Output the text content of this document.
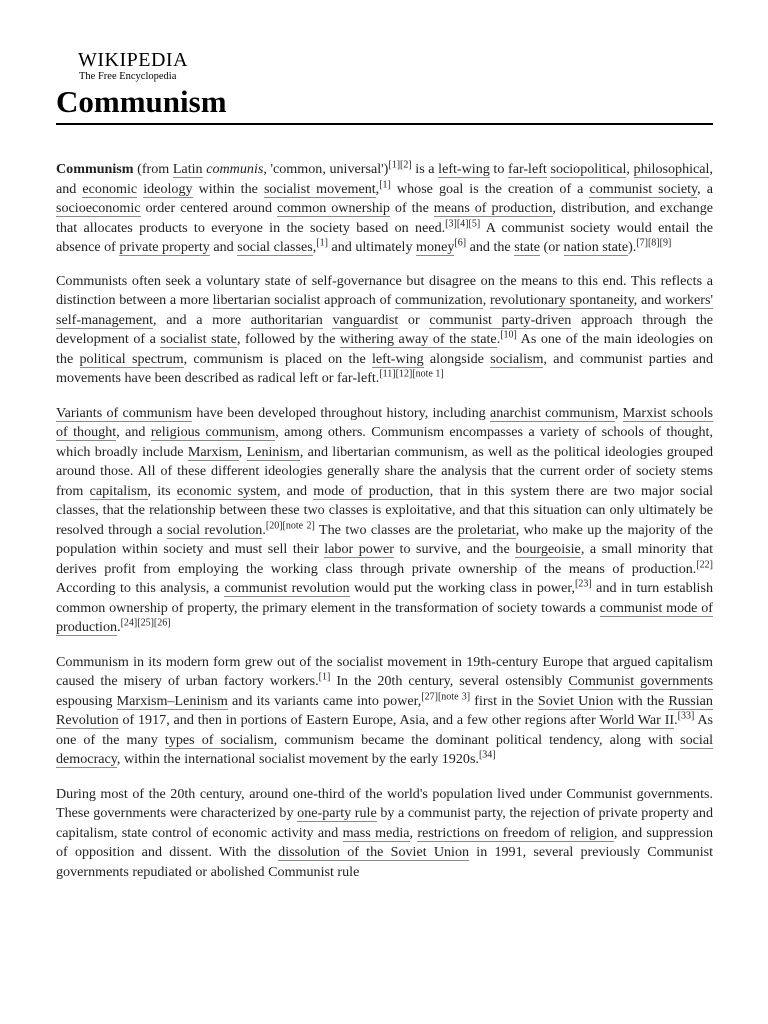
WIKIPEDIA
The Free Encyclopedia
Communism

Communism (from Latin communis, 'common, universal')[1][2] is a left-wing to far-left sociopolitical, philosophical, and economic ideology within the socialist movement,[1] whose goal is the creation of a communist society, a socioeconomic order centered around common ownership of the means of production, distribution, and exchange that allocates products to everyone in the society based on need.[3][4][5] A communist society would entail the absence of private property and social classes,[1] and ultimately money[6] and the state (or nation state).[7][8][9]

Communists often seek a voluntary state of self-governance but disagree on the means to this end. This reflects a distinction between a more libertarian socialist approach of communization, revolutionary spontaneity, and workers' self-management, and a more authoritarian vanguardist or communist party-driven approach through the development of a socialist state, followed by the withering away of the state.[10] As one of the main ideologies on the political spectrum, communism is placed on the left-wing alongside socialism, and communist parties and movements have been described as radical left or far-left.[11][12][note 1]

Variants of communism have been developed throughout history, including anarchist communism, Marxist schools of thought, and religious communism, among others. Communism encompasses a variety of schools of thought, which broadly include Marxism, Leninism, and libertarian communism, as well as the political ideologies grouped around those. All of these different ideologies generally share the analysis that the current order of society stems from capitalism, its economic system, and mode of production, that in this system there are two major social classes, that the relationship between these two classes is exploitative, and that this situation can only ultimately be resolved through a social revolution.[20][note 2] The two classes are the proletariat, who make up the majority of the population within society and must sell their labor power to survive, and the bourgeoisie, a small minority that derives profit from employing the working class through private ownership of the means of production.[22] According to this analysis, a communist revolution would put the working class in power,[23] and in turn establish common ownership of property, the primary element in the transformation of society towards a communist mode of production.[24][25][26]

Communism in its modern form grew out of the socialist movement in 19th-century Europe that argued capitalism caused the misery of urban factory workers.[1] In the 20th century, several ostensibly Communist governments espousing Marxism–Leninism and its variants came into power,[27][note 3] first in the Soviet Union with the Russian Revolution of 1917, and then in portions of Eastern Europe, Asia, and a few other regions after World War II.[33] As one of the many types of socialism, communism became the dominant political tendency, along with social democracy, within the international socialist movement by the early 1920s.[34]

During most of the 20th century, around one-third of the world's population lived under Communist governments. These governments were characterized by one-party rule by a communist party, the rejection of private property and capitalism, state control of economic activity and mass media, restrictions on freedom of religion, and suppression of opposition and dissent. With the dissolution of the Soviet Union in 1991, several previously Communist governments repudiated or abolished Communist rule
